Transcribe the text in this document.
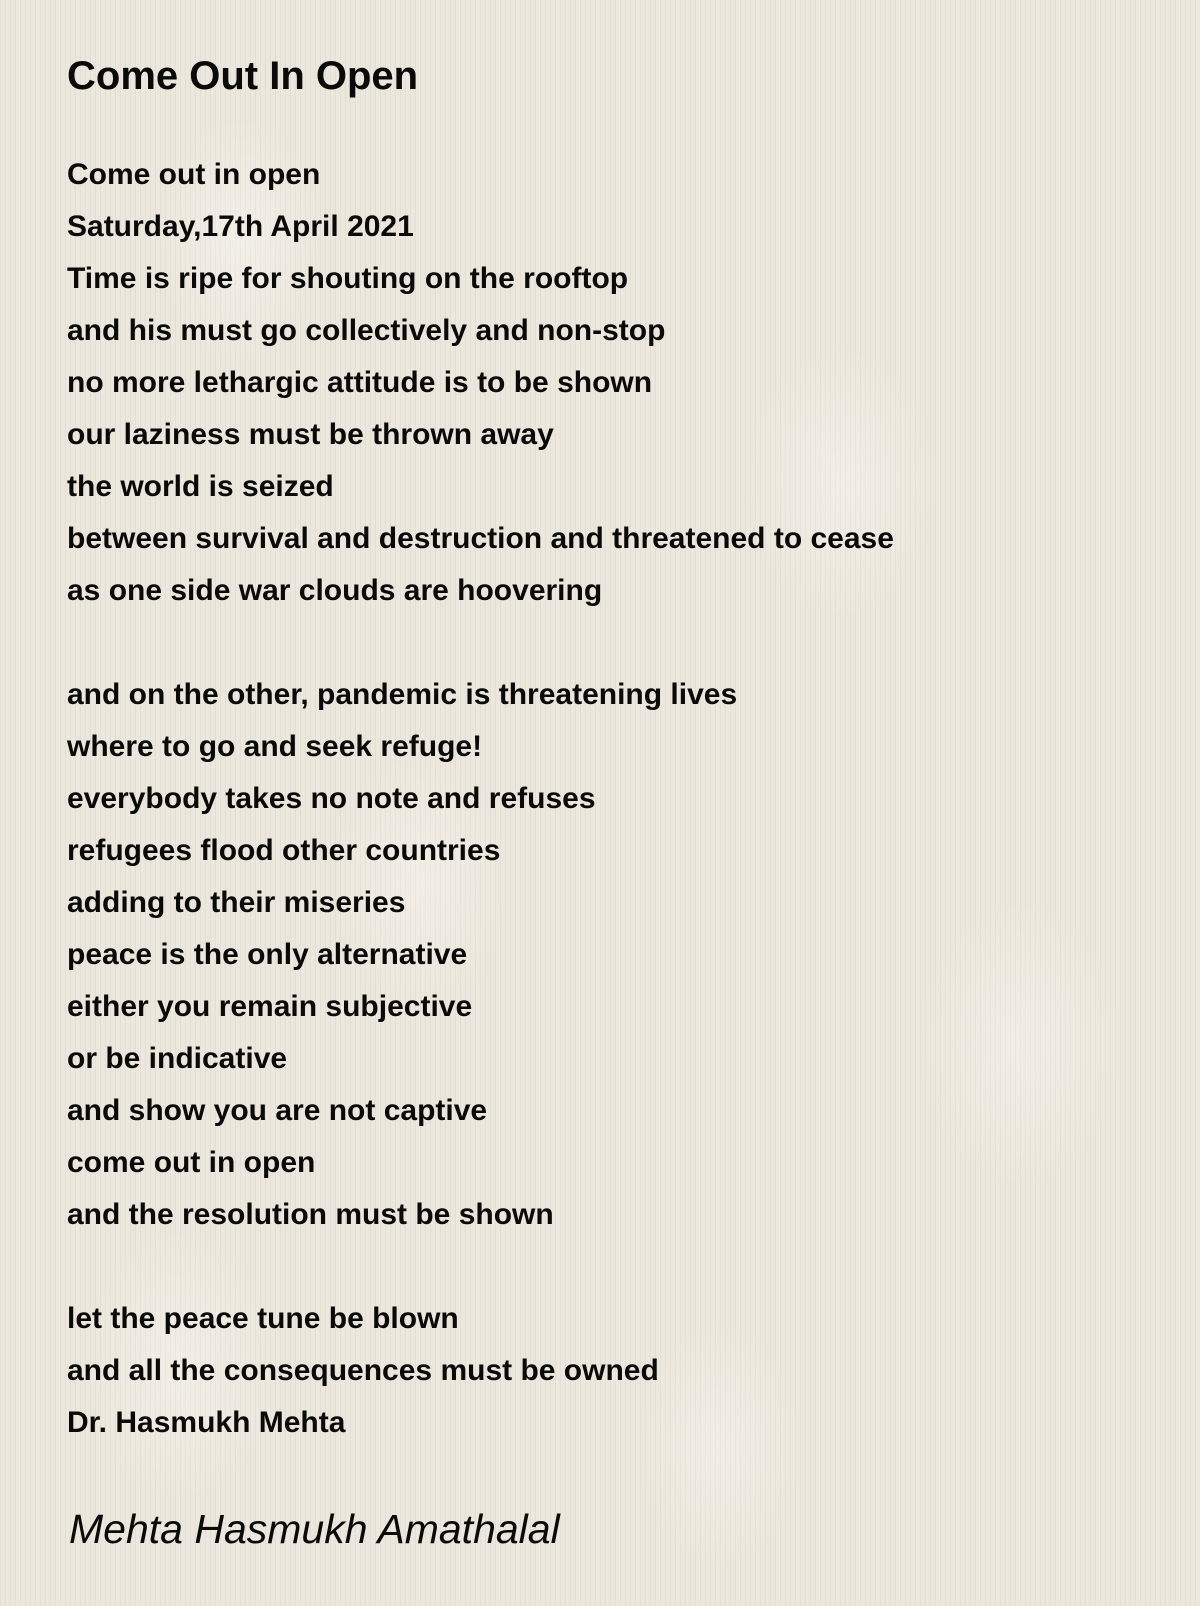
Come Out In Open
Come out in open
Saturday,17th April 2021
Time is ripe for shouting on the rooftop
and his must go collectively and non-stop
no more lethargic attitude is to be shown
our laziness must be thrown away
the world is seized
between survival and destruction and threatened to cease
as one side war clouds are hoovering
and on the other, pandemic is threatening lives
where to go and seek refuge!
everybody takes no note and refuses
refugees flood other countries
adding to their miseries
peace is the only alternative
either you remain subjective
or be indicative
and show you are not captive
come out in open
and the resolution must be shown
let the peace tune be blown
and all the consequences must be owned
Dr. Hasmukh Mehta

Mehta Hasmukh Amathalal
